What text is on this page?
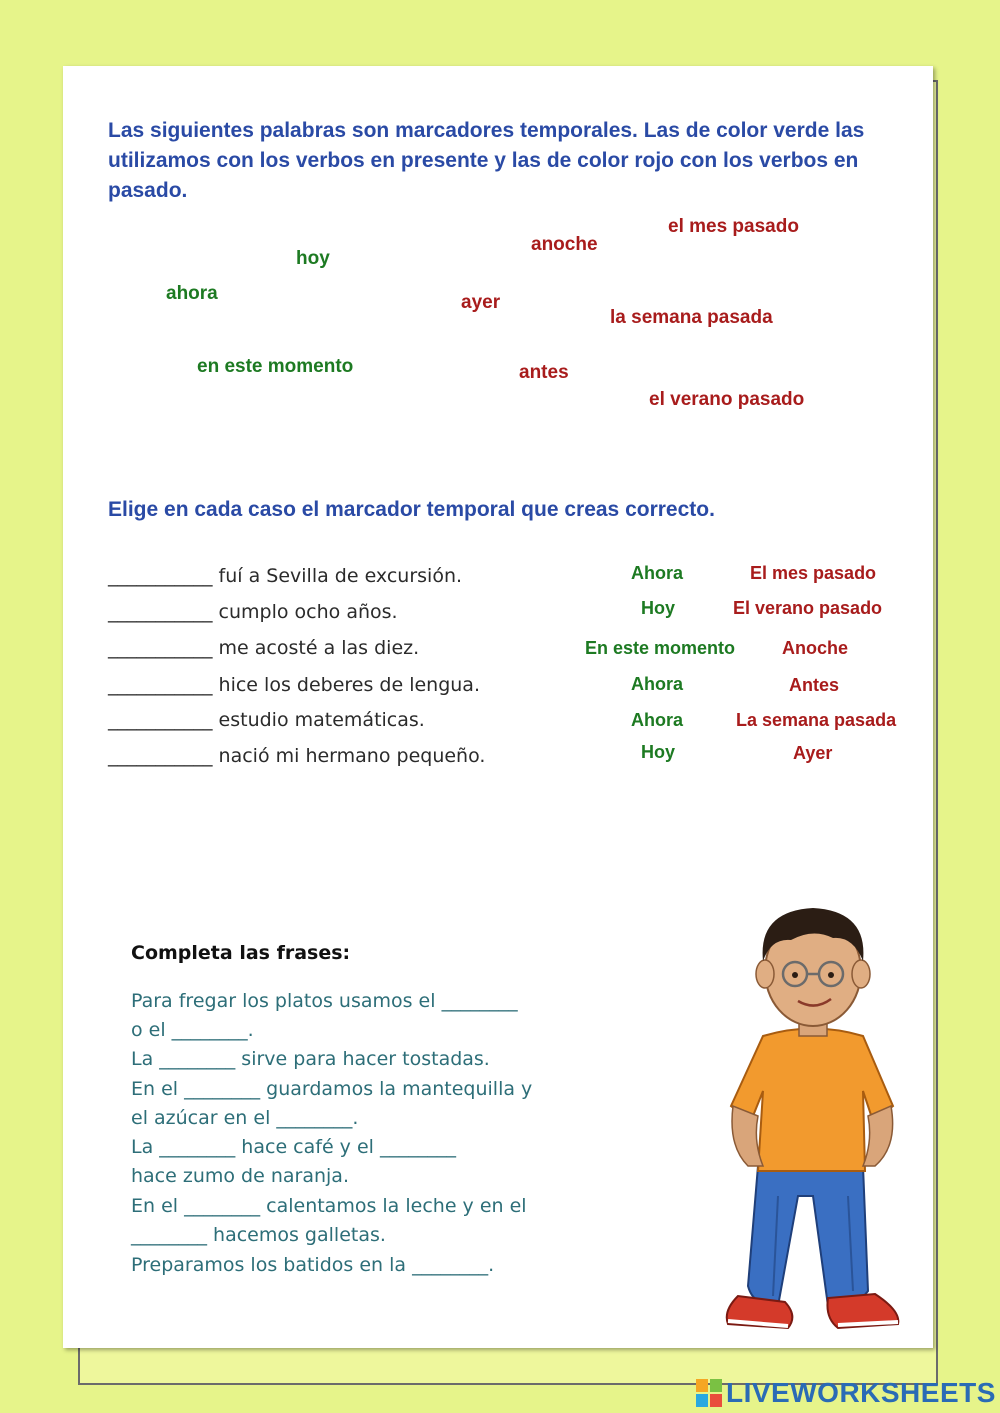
Las siguientes palabras son marcadores temporales. Las de color verde las utilizamos con los verbos en presente y las de color rojo con los verbos en pasado.

el mes pasado
anoche
hoy
ahora	ayer
la semana pasada
en este momento	antes
el verano pasado

Elige en cada caso el marcador temporal que creas correcto.

___________ fuí a Sevilla de excursión.	Ahora	El mes pasado
___________ cumplo ocho años.	Hoy	El verano pasado
___________ me acosté a las diez.	En este momento	Anoche
___________ hice los deberes de lengua.	Ahora	Antes
___________ estudio matemáticas.	Ahora	La semana pasada
___________ nació mi hermano pequeño.	Hoy	Ayer

Completa las frases:

Para fregar los platos usamos el ________
o el ________.
La ________ sirve para hacer tostadas.
En el ________ guardamos la mantequilla y
el azúcar en el ________.
La ________ hace café y el ________
hace zumo de naranja.
En el ________ calentamos la leche y en el
________ hacemos galletas.
Preparamos los batidos en la ________.
LIVEWORKSHEETS
